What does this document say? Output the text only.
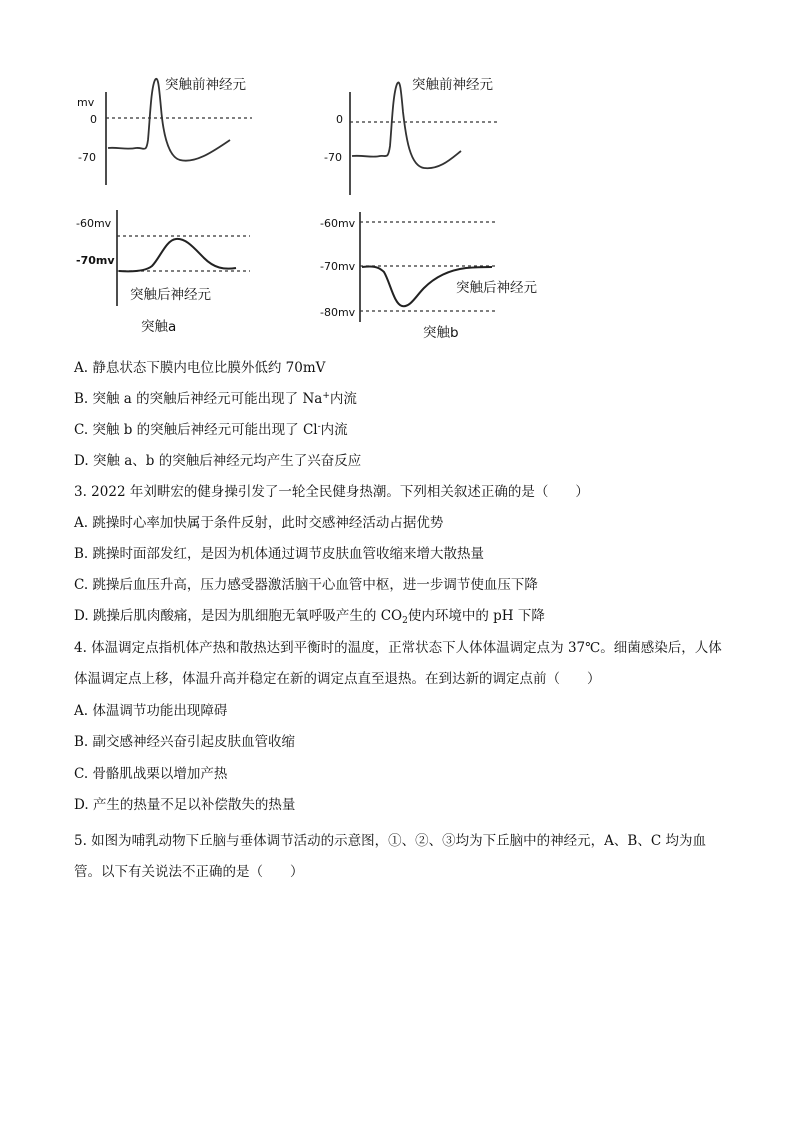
突触前神经元
mv
0
-70
突触前神经元
0
-70
-60mv
-70mv
突触后神经元
突触a
-60mv
-70mv
-80mv
突触后神经元
突触b
A. 静息状态下膜内电位比膜外低约 70mV
B. 突触 a 的突触后神经元可能出现了 Na+内流
C. 突触 b 的突触后神经元可能出现了 Cl-内流
D. 突触 a、b 的突触后神经元均产生了兴奋反应
3. 2022 年刘畊宏的健身操引发了一轮全民健身热潮。下列相关叙述正确的是（　　）
A. 跳操时心率加快属于条件反射，此时交感神经活动占据优势
B. 跳操时面部发红，是因为机体通过调节皮肤血管收缩来增大散热量
C. 跳操后血压升高，压力感受器激活脑干心血管中枢，进一步调节使血压下降
D. 跳操后肌肉酸痛，是因为肌细胞无氧呼吸产生的 $CO_2$使内环境中的 pH 下降
4. 体温调定点指机体产热和散热达到平衡时的温度，正常状态下人体体温调定点为 37℃。细菌感染后，人体体温调定点上移，体温升高并稳定在新的调定点直至退热。在到达新的调定点前（　　）
A. 体温调节功能出现障碍
B. 副交感神经兴奋引起皮肤血管收缩
C. 骨骼肌战栗以增加产热
D. 产生的热量不足以补偿散失的热量
5. 如图为哺乳动物下丘脑与垂体调节活动的示意图，①、②、③均为下丘脑中的神经元，A、B、C 均为血管。以下有关说法不正确的是（　　）
